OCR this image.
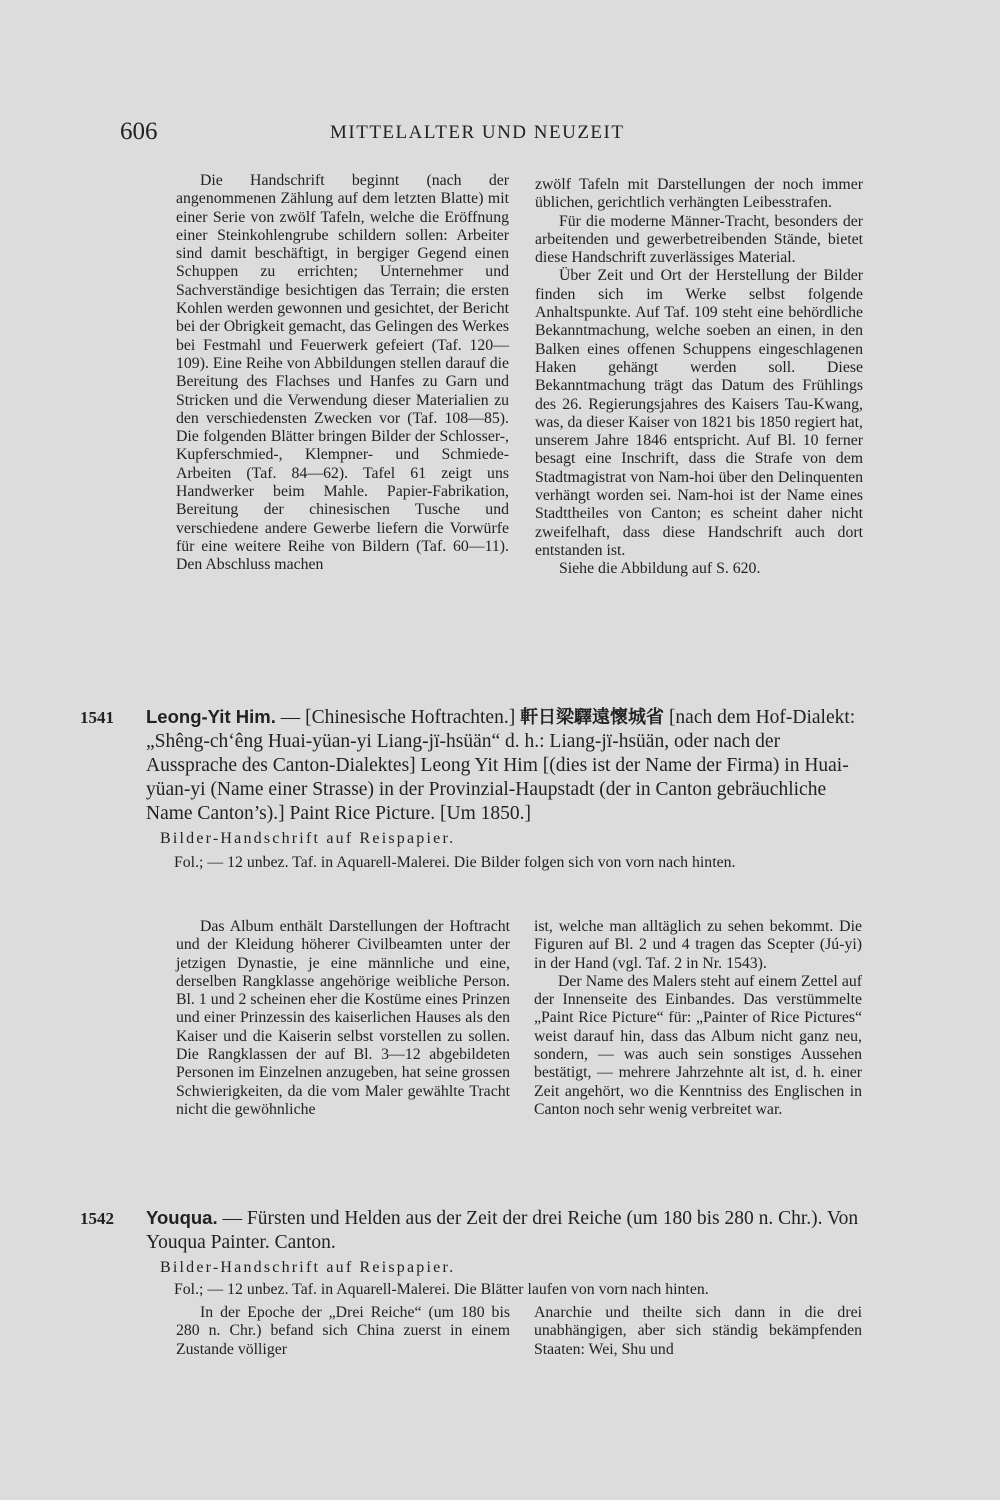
606	MITTELALTER UND NEUZEIT

Die Handschrift beginnt (nach der angenommenen Zählung auf dem letzten Blatte) mit einer Serie von zwölf Tafeln, welche die Eröffnung einer Steinkohlengrube schildern sollen: Arbeiter sind damit beschäftigt, in bergiger Gegend einen Schuppen zu errichten; Unternehmer und Sachverständige besichtigen das Terrain; die ersten Kohlen werden gewonnen und gesichtet, der Bericht bei der Obrigkeit gemacht, das Gelingen des Werkes bei Festmahl und Feuerwerk gefeiert (Taf. 120—109). Eine Reihe von Abbildungen stellen darauf die Bereitung des Flachses und Hanfes zu Garn und Stricken und die Verwendung dieser Materialien zu den verschiedensten Zwecken vor (Taf. 108—85). Die folgenden Blätter bringen Bilder der Schlosser-, Kupferschmied-, Klempner- und Schmiede-Arbeiten (Taf. 84—62). Tafel 61 zeigt uns Handwerker beim Mahle. Papier-Fabrikation, Bereitung der chinesischen Tusche und verschiedene andere Gewerbe liefern die Vorwürfe für eine weitere Reihe von Bildern (Taf. 60—11). Den Abschluss machen

zwölf Tafeln mit Darstellungen der noch immer üblichen, gerichtlich verhängten Leibesstrafen.

Für die moderne Männer-Tracht, besonders der arbeitenden und gewerbetreibenden Stände, bietet diese Handschrift zuverlässiges Material.

Über Zeit und Ort der Herstellung der Bilder finden sich im Werke selbst folgende Anhaltspunkte. Auf Taf. 109 steht eine behördliche Bekanntmachung, welche soeben an einen, in den Balken eines offenen Schuppens eingeschlagenen Haken gehängt werden soll. Diese Bekanntmachung trägt das Datum des Frühlings des 26. Regierungsjahres des Kaisers Tau-Kwang, was, da dieser Kaiser von 1821 bis 1850 regiert hat, unserem Jahre 1846 entspricht. Auf Bl. 10 ferner besagt eine Inschrift, dass die Strafe von dem Stadtmagistrat von Nam-hoi über den Delinquenten verhängt worden sei. Nam-hoi ist der Name eines Stadttheiles von Canton; es scheint daher nicht zweifelhaft, dass diese Handschrift auch dort entstanden ist.

Siehe die Abbildung auf S. 620.

1541 Leong-Yit Him. — [Chinesische Hoftrachten.] 軒日梁驛遠懷城省 [nach dem Hof-Dialekt: „Shêng-ch‘êng Huai-yüan-yi Liang-jï-hsüän“ d. h.: Liang-jï-hsüän, oder nach der Aussprache des Canton-Dialektes] Leong Yit Him [(dies ist der Name der Firma) in Huai-yüan-yi (Name einer Strasse) in der Provinzial-Haupstadt (der in Canton gebräuchliche Name Canton’s).] Paint Rice Picture. [Um 1850.]
Bilder-Handschrift auf Reispapier.
Fol.; — 12 unbez. Taf. in Aquarell-Malerei. Die Bilder folgen sich von vorn nach hinten.

Das Album enthält Darstellungen der Hoftracht und der Kleidung höherer Civilbeamten unter der jetzigen Dynastie, je eine männliche und eine, derselben Rangklasse angehörige weibliche Person. Bl. 1 und 2 scheinen eher die Kostüme eines Prinzen und einer Prinzessin des kaiserlichen Hauses als den Kaiser und die Kaiserin selbst vorstellen zu sollen. Die Rangklassen der auf Bl. 3—12 abgebildeten Personen im Einzelnen anzugeben, hat seine grossen Schwierigkeiten, da die vom Maler gewählte Tracht nicht die gewöhnliche

ist, welche man alltäglich zu sehen bekommt. Die Figuren auf Bl. 2 und 4 tragen das Scepter (Jú-yi) in der Hand (vgl. Taf. 2 in Nr. 1543).

Der Name des Malers steht auf einem Zettel auf der Innenseite des Einbandes. Das verstümmelte „Paint Rice Picture“ für: „Painter of Rice Pictures“ weist darauf hin, dass das Album nicht ganz neu, sondern, — was auch sein sonstiges Aussehen bestätigt, — mehrere Jahrzehnte alt ist, d. h. einer Zeit angehört, wo die Kenntniss des Englischen in Canton noch sehr wenig verbreitet war.

1542 Youqua. — Fürsten und Helden aus der Zeit der drei Reiche (um 180 bis 280 n. Chr.). Von Youqua Painter. Canton.
Bilder-Handschrift auf Reispapier.
Fol.; — 12 unbez. Taf. in Aquarell-Malerei. Die Blätter laufen von vorn nach hinten.

In der Epoche der „Drei Reiche“ (um 180 bis 280 n. Chr.) befand sich China zuerst in einem Zustande völliger

Anarchie und theilte sich dann in die drei unabhängigen, aber sich ständig bekämpfenden Staaten: Wei, Shu und
